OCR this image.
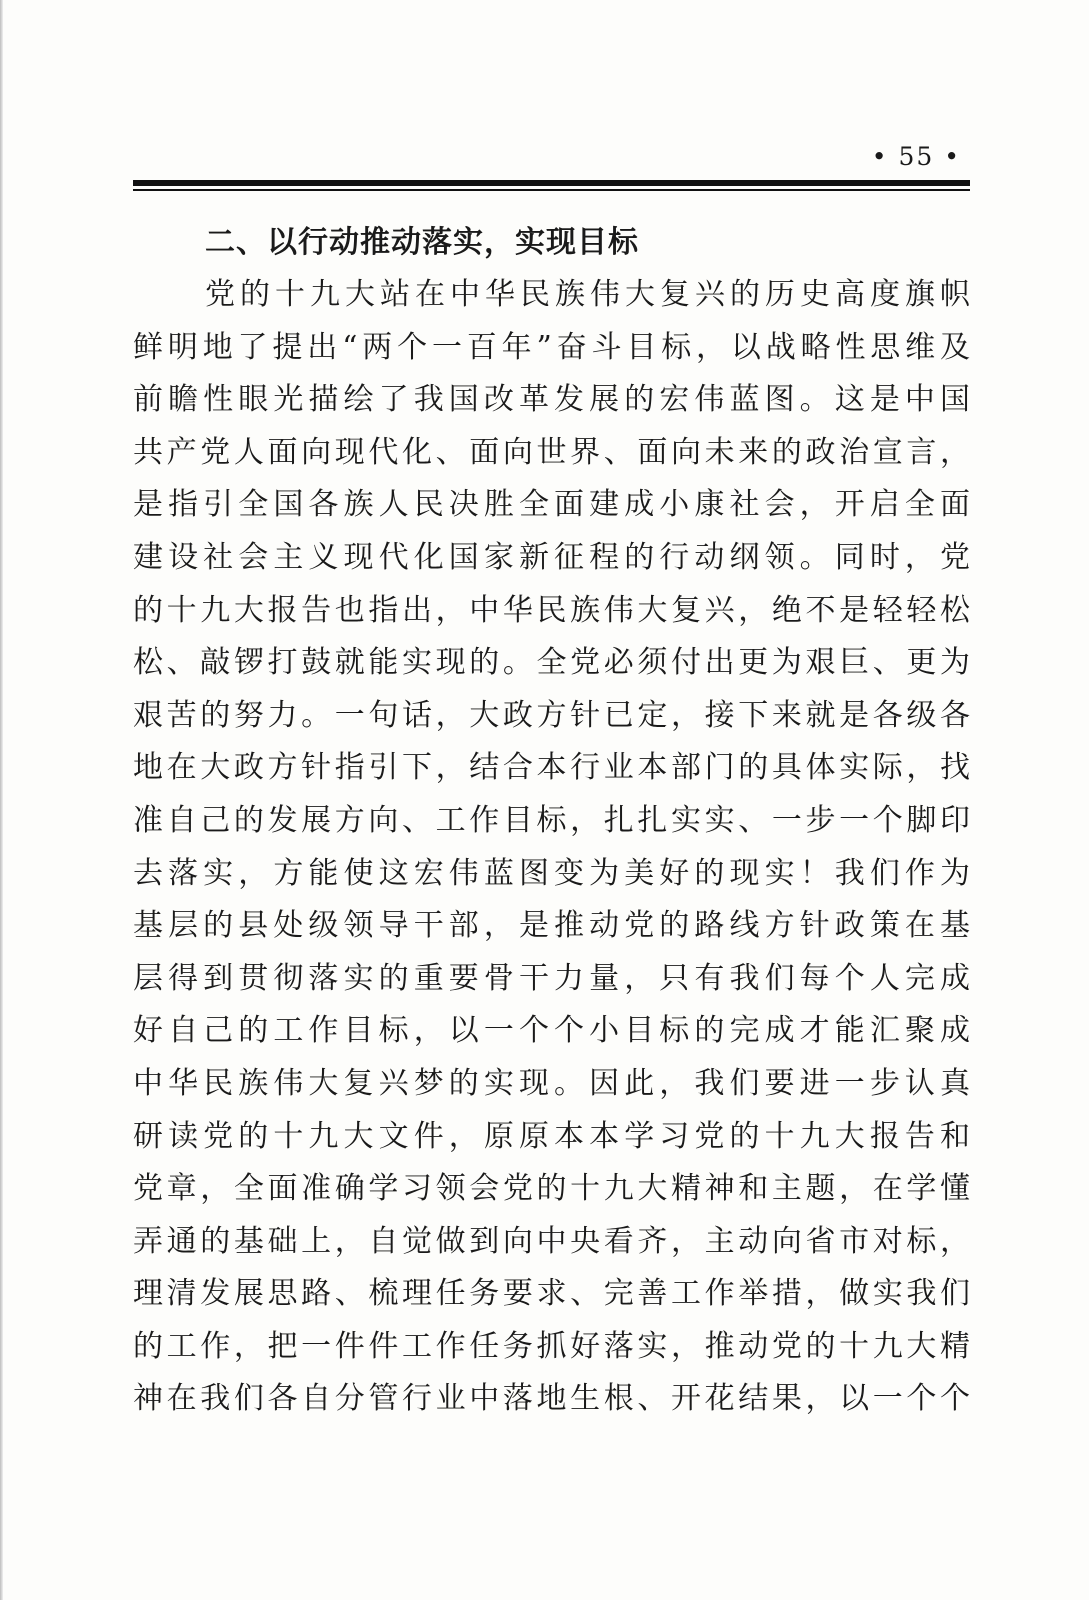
• 55 •
二、以行动推动落实，实现目标
党的十九大站在中华民族伟大复兴的历史高度旗帜
鲜明地了提出“两个一百年”奋斗目标，以战略性思维及
前瞻性眼光描绘了我国改革发展的宏伟蓝图。这是中国
共产党人面向现代化、面向世界、面向未来的政治宣言，
是指引全国各族人民决胜全面建成小康社会，开启全面
建设社会主义现代化国家新征程的行动纲领。同时，党
的十九大报告也指出，中华民族伟大复兴，绝不是轻轻松
松、敲锣打鼓就能实现的。全党必须付出更为艰巨、更为
艰苦的努力。一句话，大政方针已定，接下来就是各级各
地在大政方针指引下，结合本行业本部门的具体实际，找
准自己的发展方向、工作目标，扎扎实实、一步一个脚印
去落实，方能使这宏伟蓝图变为美好的现实！我们作为
基层的县处级领导干部，是推动党的路线方针政策在基
层得到贯彻落实的重要骨干力量，只有我们每个人完成
好自己的工作目标，以一个个小目标的完成才能汇聚成
中华民族伟大复兴梦的实现。因此，我们要进一步认真
研读党的十九大文件，原原本本学习党的十九大报告和
党章，全面准确学习领会党的十九大精神和主题，在学懂
弄通的基础上，自觉做到向中央看齐，主动向省市对标，
理清发展思路、梳理任务要求、完善工作举措，做实我们
的工作，把一件件工作任务抓好落实，推动党的十九大精
神在我们各自分管行业中落地生根、开花结果，以一个个
